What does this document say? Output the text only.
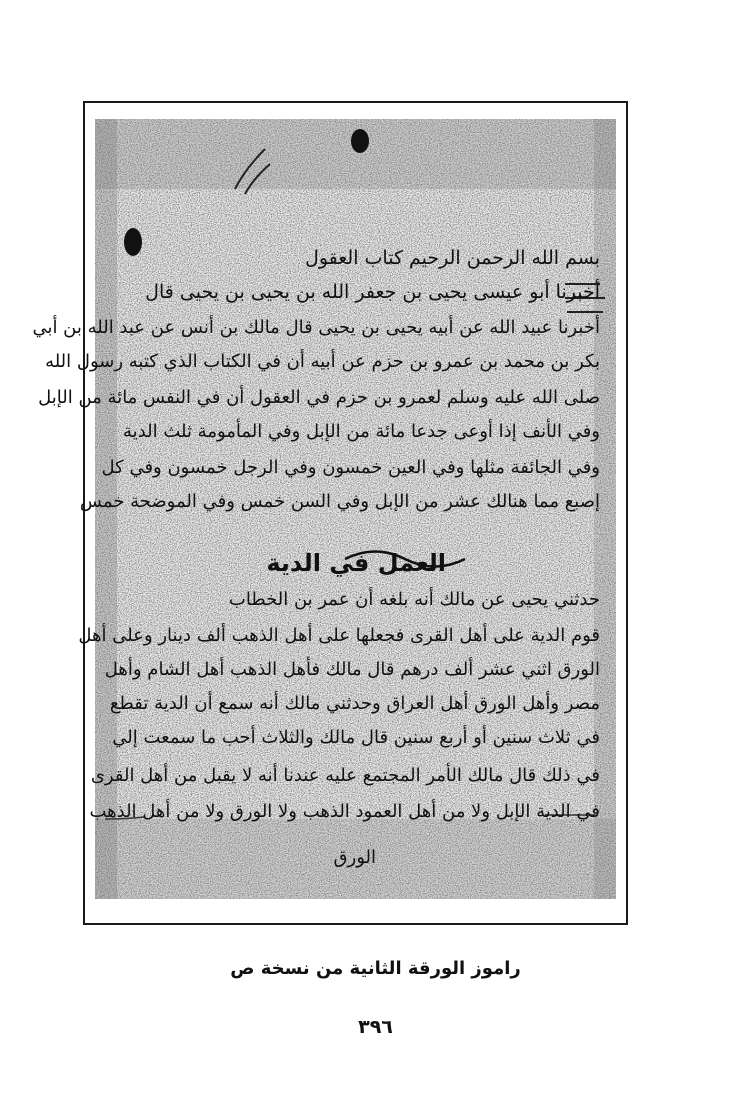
بسم الله الرحمن الرحيم كتاب العقول
أخبرنا أبو عيسى يحيى بن جعفر الله بن يحيى بن يحيى قال
أخبرنا عبيد الله عن أبيه يحيى بن يحيى قال مالك بن أنس عن عبد الله بن أبي
بكر بن محمد بن عمرو بن حزم عن أبيه أن في الكتاب الذي كتبه رسول الله
صلى الله عليه وسلم لعمرو بن حزم في العقول أن في النفس مائة من الإبل
وفي الأنف إذا أوعى جدعا مائة من الإبل وفي المأمومة ثلث الدية
وفي الجائفة مثلها وفي العين خمسون وفي الرجل خمسون وفي كل
إصبع مما هنالك عشر من الإبل وفي السن خمس وفي الموضحة خمس
العمل في الدية
حدثني يحيى عن مالك أنه بلغه أن عمر بن الخطاب
قوم الدية على أهل القرى فجعلها على أهل الذهب ألف دينار وعلى أهل
الورق اثني عشر ألف درهم قال مالك فأهل الذهب أهل الشام وأهل
مصر وأهل الورق أهل العراق وحدثني مالك أنه سمع أن الدية تقطع
في ثلاث سنين أو أربع سنين قال مالك والثلاث أحب ما سمعت إلي
في ذلك قال مالك الأمر المجتمع عليه عندنا أنه لا يقبل من أهل القرى
في الدية الإبل ولا من أهل العمود الذهب ولا الورق ولا من أهل الذهب
الورق
راموز الورقة الثانية من نسخة ص
٣٩٦
